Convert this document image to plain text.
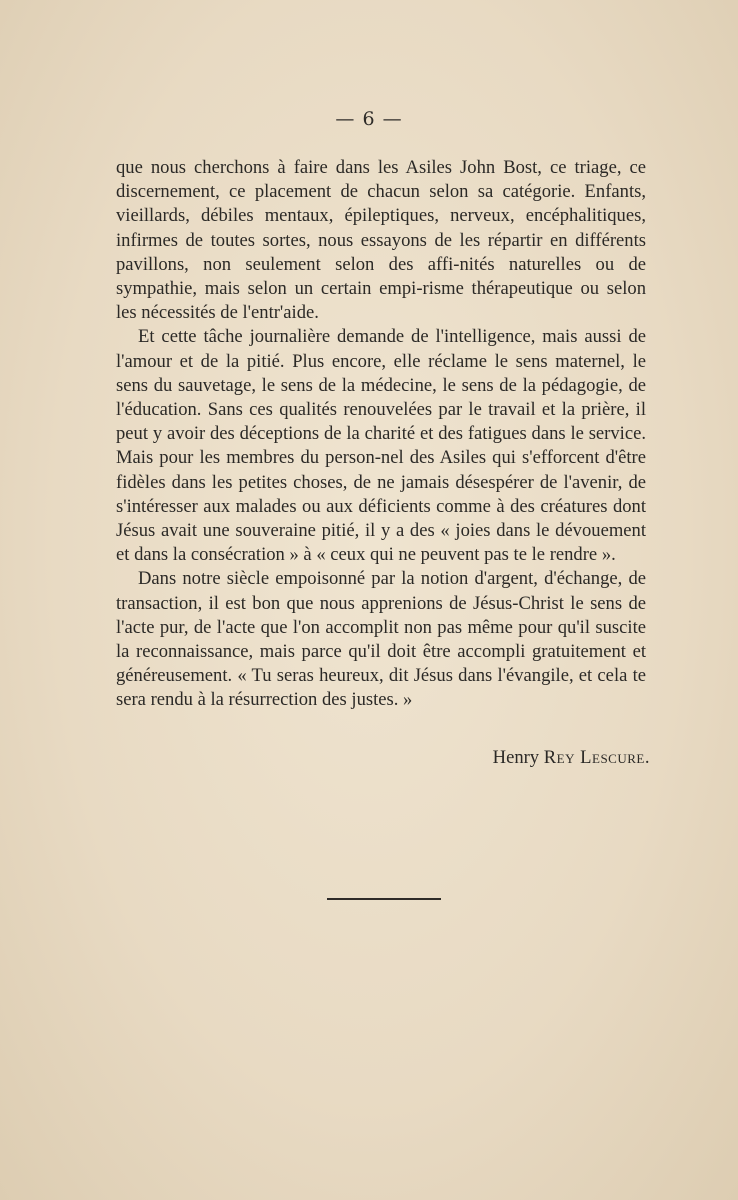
— 6 —

que nous cherchons à faire dans les Asiles John Bost, ce triage, ce discernement, ce placement de chacun selon sa catégorie. Enfants, vieillards, débiles mentaux, épileptiques, nerveux, encéphalitiques, infirmes de toutes sortes, nous essayons de les répartir en différents pavillons, non seulement selon des affi-nités naturelles ou de sympathie, mais selon un certain empi-risme thérapeutique ou selon les nécessités de l'entr'aide.

Et cette tâche journalière demande de l'intelligence, mais aussi de l'amour et de la pitié. Plus encore, elle réclame le sens maternel, le sens du sauvetage, le sens de la médecine, le sens de la pédagogie, de l'éducation. Sans ces qualités renouvelées par le travail et la prière, il peut y avoir des déceptions de la charité et des fatigues dans le service. Mais pour les membres du person-nel des Asiles qui s'efforcent d'être fidèles dans les petites choses, de ne jamais désespérer de l'avenir, de s'intéresser aux malades ou aux déficients comme à des créatures dont Jésus avait une souveraine pitié, il y a des « joies dans le dévouement et dans la consécration » à « ceux qui ne peuvent pas te le rendre ».

Dans notre siècle empoisonné par la notion d'argent, d'échange, de transaction, il est bon que nous apprenions de Jésus-Christ le sens de l'acte pur, de l'acte que l'on accomplit non pas même pour qu'il suscite la reconnaissance, mais parce qu'il doit être accompli gratuitement et généreusement. « Tu seras heureux, dit Jésus dans l'évangile, et cela te sera rendu à la résurrection des justes. »

Henry Rey Lescure.
